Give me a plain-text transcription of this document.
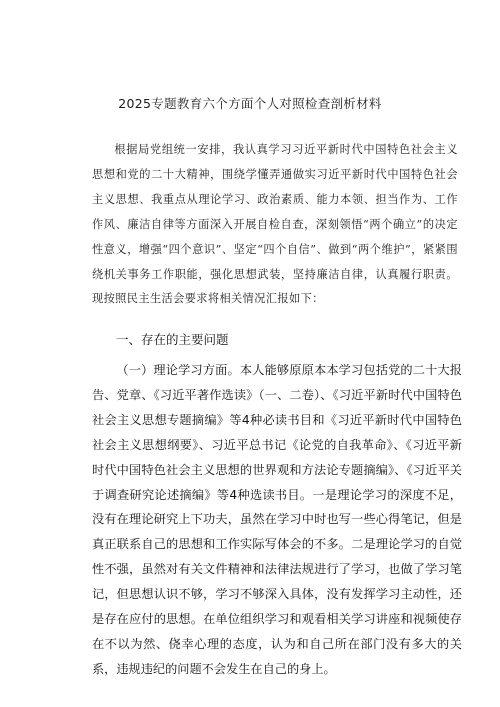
2025专题教育六个方面个人对照检查剖析材料

根据局党组统一安排，我认真学习习近平新时代中国特色社会主义思想和党的二十大精神，围绕学懂弄通做实习近平新时代中国特色社会主义思想、我重点从理论学习、政治素质、能力本领、担当作为、工作作风、廉洁自律等方面深入开展自检自查，深刻领悟“两个确立”的决定性意义，增强“四个意识”、坚定“四个自信”、做到“两个维护”，紧紧围绕机关事务工作职能，强化思想武装，坚持廉洁自律，认真履行职责。现按照民主生活会要求将相关情况汇报如下：

一、存在的主要问题

（一）理论学习方面。本人能够原原本本学习包括党的二十大报告、党章、《习近平著作选读》（一、二卷）、《习近平新时代中国特色社会主义思想专题摘编》等4种必读书目和《习近平新时代中国特色社会主义思想纲要》、习近平总书记《论党的自我革命》、《习近平新时代中国特色社会主义思想的世界观和方法论专题摘编》、《习近平关于调查研究论述摘编》等4种选读书目。一是理论学习的深度不足，没有在理论研究上下功夫，虽然在学习中时也写一些心得笔记，但是真正联系自己的思想和工作实际写体会的不多。二是理论学习的自觉性不强，虽然对有关文件精神和法律法规进行了学习，也做了学习笔记，但思想认识不够，学习不够深入具体，没有发挥学习主动性，还是存在应付的思想。在单位组织学习和观看相关学习讲座和视频使存在不以为然、侥幸心理的态度，认为和自己所在部门没有多大的关系，违规违纪的问题不会发生在自己的身上。
